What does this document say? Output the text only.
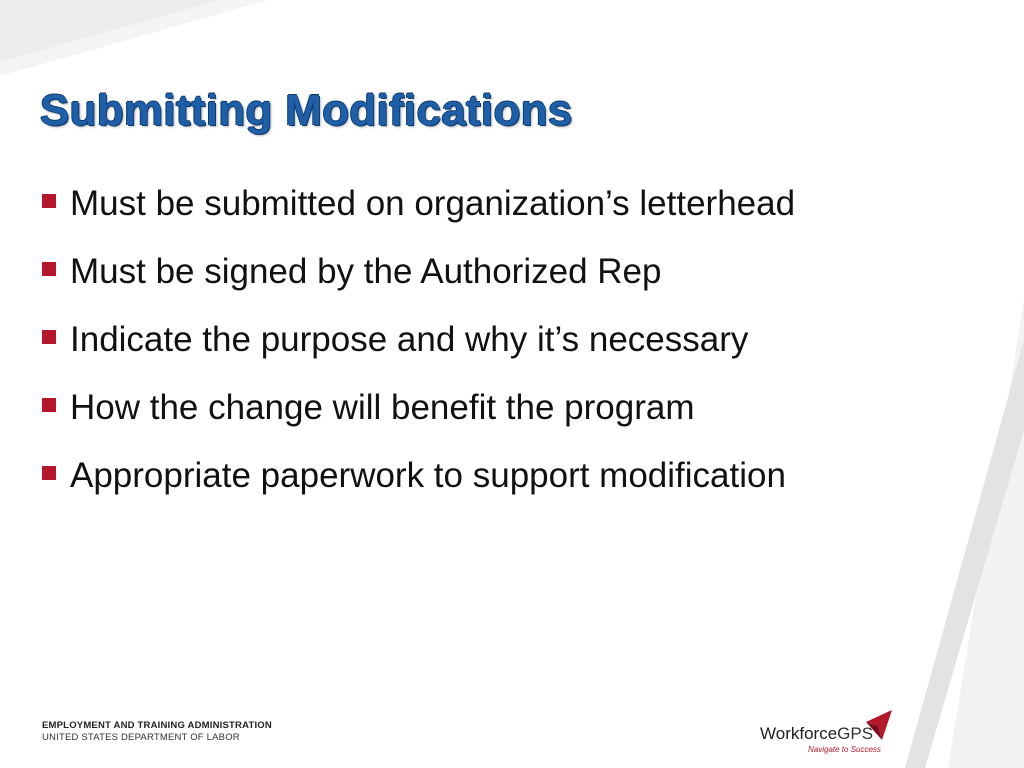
Submitting Modifications
Must be submitted on organization’s letterhead
Must be signed by the Authorized Rep
Indicate the purpose and why it’s necessary
How the change will benefit the program
Appropriate paperwork to support modification
EMPLOYMENT AND TRAINING ADMINISTRATION
UNITED STATES DEPARTMENT OF LABOR	WorkforceGPS
Navigate to Success
